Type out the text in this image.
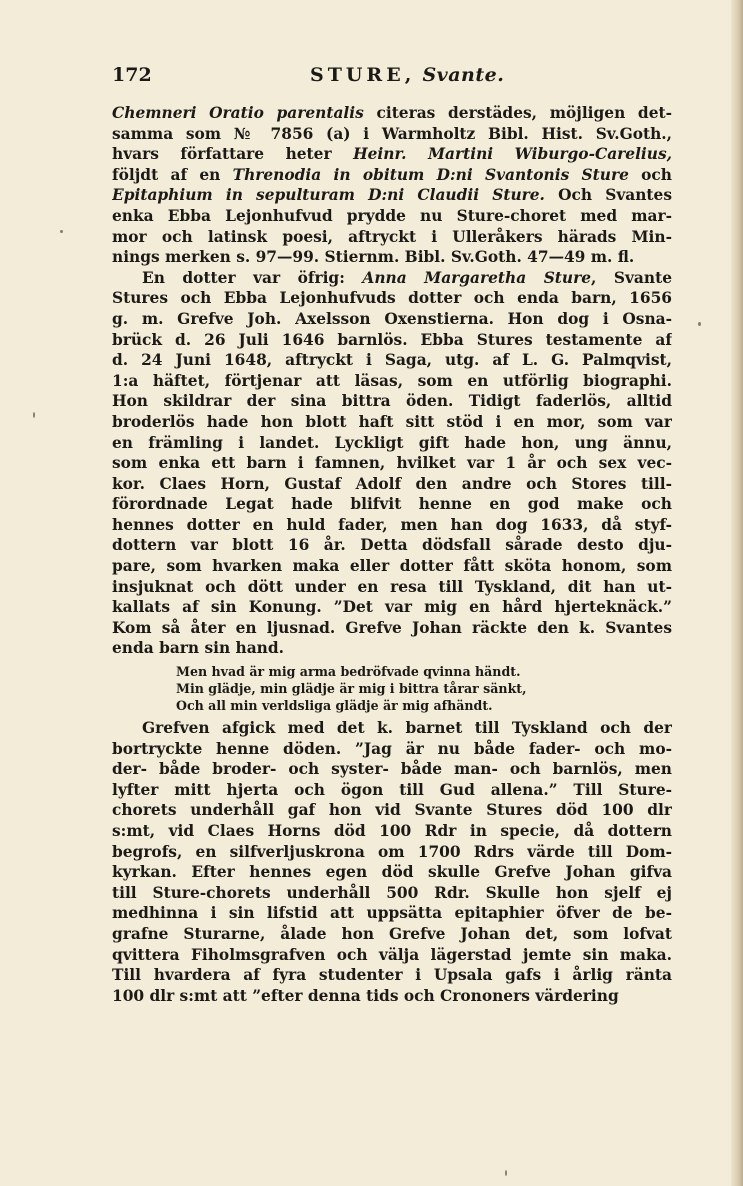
172	STURE, Svante.
Chemneri Oratio parentalis citeras derstädes, möjligen det-
samma som № 7856 (a) i Warmholtz Bibl. Hist. Sv.Goth.,
hvars författare heter Heinr. Martini Wiburgo-Carelius,
följdt af en Threnodia in obitum D:ni Svantonis Sture och
Epitaphium in sepulturam D:ni Claudii Sture. Och Svantes
enka Ebba Lejonhufvud prydde nu Sture-choret med mar-
mor och latinsk poesi, aftryckt i Ulleråkers härads Min-
nings merken s. 97—99. Stiernm. Bibl. Sv.Goth. 47—49 m. fl.
En dotter var öfrig: Anna Margaretha Sture, Svante
Stures och Ebba Lejonhufvuds dotter och enda barn, 1656
g. m. Grefve Joh. Axelsson Oxenstierna. Hon dog i Osna-
brück d. 26 Juli 1646 barnlös. Ebba Stures testamente af
d. 24 Juni 1648, aftryckt i Saga, utg. af L. G. Palmqvist,
1:a häftet, förtjenar att läsas, som en utförlig biographi.
Hon skildrar der sina bittra öden. Tidigt faderlös, alltid
broderlös hade hon blott haft sitt stöd i en mor, som var
en främling i landet. Lyckligt gift hade hon, ung ännu,
som enka ett barn i famnen, hvilket var 1 år och sex vec-
kor. Claes Horn, Gustaf Adolf den andre och Stores till-
förordnade Legat hade blifvit henne en god make och
hennes dotter en huld fader, men han dog 1633, då styf-
dottern var blott 16 år. Detta dödsfall sårade desto dju-
pare, som hvarken maka eller dotter fått sköta honom, som
insjuknat och dött under en resa till Tyskland, dit han ut-
kallats af sin Konung. ”Det var mig en hård hjerteknäck.”
Kom så åter en ljusnad. Grefve Johan räckte den k. Svantes
enda barn sin hand.
Men hvad är mig arma bedröfvade qvinna händt.
Min glädje, min glädje är mig i bittra tårar sänkt,
Och all min verldsliga glädje är mig afhändt.
Grefven afgick med det k. barnet till Tyskland och der
bortryckte henne döden. ”Jag är nu både fader- och mo-
der- både broder- och syster- både man- och barnlös, men
lyfter mitt hjerta och ögon till Gud allena.” Till Sture-
chorets underhåll gaf hon vid Svante Stures död 100 dlr
s:mt, vid Claes Horns död 100 Rdr in specie, då dottern
begrofs, en silfverljuskrona om 1700 Rdrs värde till Dom-
kyrkan. Efter hennes egen död skulle Grefve Johan gifva
till Sture-chorets underhåll 500 Rdr. Skulle hon sjelf ej
medhinna i sin lifstid att uppsätta epitaphier öfver de be-
grafne Sturarne, ålade hon Grefve Johan det, som lofvat
qvittera Fiholmsgrafven och välja lägerstad jemte sin maka.
Till hvardera af fyra studenter i Upsala gafs i årlig ränta
100 dlr s:mt att ”efter denna tids och Crononers värdering
